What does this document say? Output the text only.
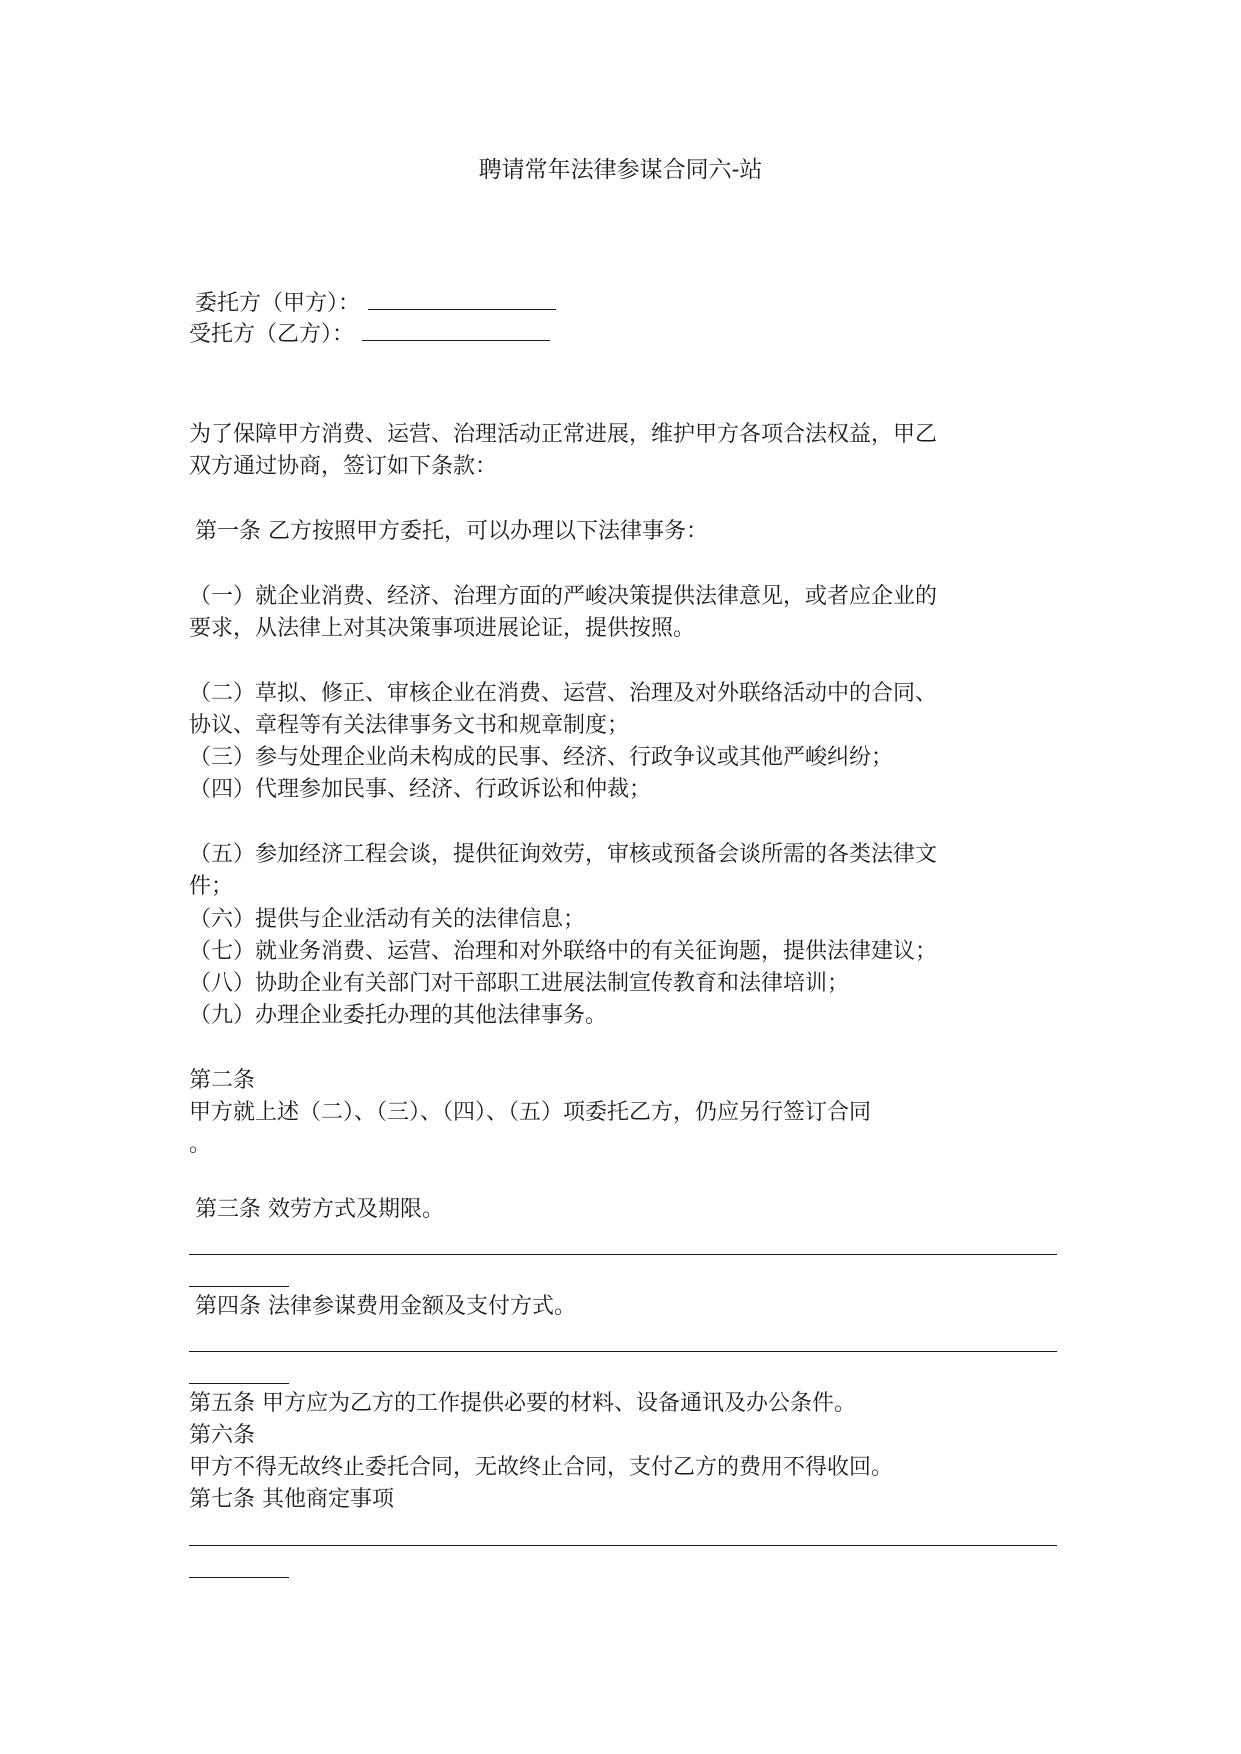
聘请常年法律参谋合同六-站
委托方（甲方）：
受托方（乙方）：
为了保障甲方消费、运营、治理活动正常进展，维护甲方各项合法权益，甲乙
双方通过协商，签订如下条款：
第一条 乙方按照甲方委托，可以办理以下法律事务：
（一）就企业消费、经济、治理方面的严峻决策提供法律意见，或者应企业的
要求，从法律上对其决策事项进展论证，提供按照。
（二）草拟、修正、审核企业在消费、运营、治理及对外联络活动中的合同、
协议、章程等有关法律事务文书和规章制度；
（三）参与处理企业尚未构成的民事、经济、行政争议或其他严峻纠纷；
（四）代理参加民事、经济、行政诉讼和仲裁；
（五）参加经济工程会谈，提供征询效劳，审核或预备会谈所需的各类法律文
件；
（六）提供与企业活动有关的法律信息；
（七）就业务消费、运营、治理和对外联络中的有关征询题，提供法律建议；
（八）协助企业有关部门对干部职工进展法制宣传教育和法律培训；
（九）办理企业委托办理的其他法律事务。
第二条
甲方就上述（二）、（三）、（四）、（五）项委托乙方，仍应另行签订合同
。
第三条 效劳方式及期限。
第四条 法律参谋费用金额及支付方式。
第五条 甲方应为乙方的工作提供必要的材料、设备通讯及办公条件。
第六条
甲方不得无故终止委托合同，无故终止合同，支付乙方的费用不得收回。
第七条 其他商定事项
